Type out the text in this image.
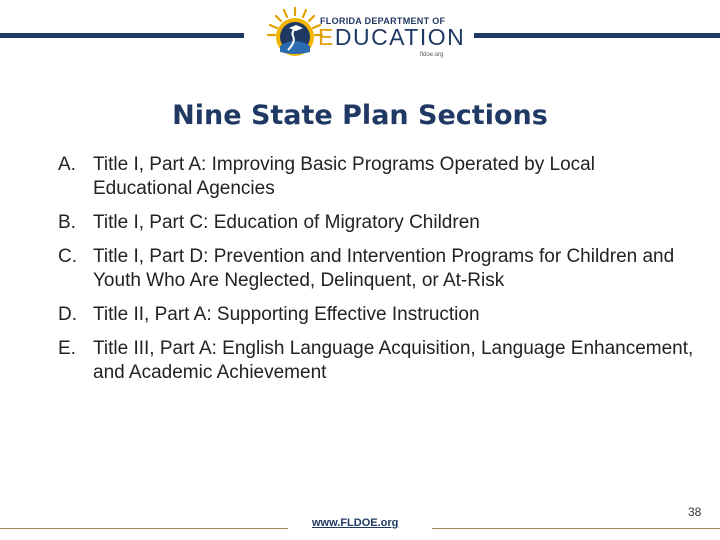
FLORIDA DEPARTMENT OF
EDUCATION
fldoe.org
Nine State Plan Sections
A. Title I, Part A: Improving Basic Programs Operated by Local Educational Agencies
B. Title I, Part C: Education of Migratory Children
C. Title I, Part D: Prevention and Intervention Programs for Children and Youth Who Are Neglected, Delinquent, or At-Risk
D. Title II, Part A: Supporting Effective Instruction
E. Title III, Part A: English Language Acquisition, Language Enhancement, and Academic Achievement
www.FLDOE.org
38
